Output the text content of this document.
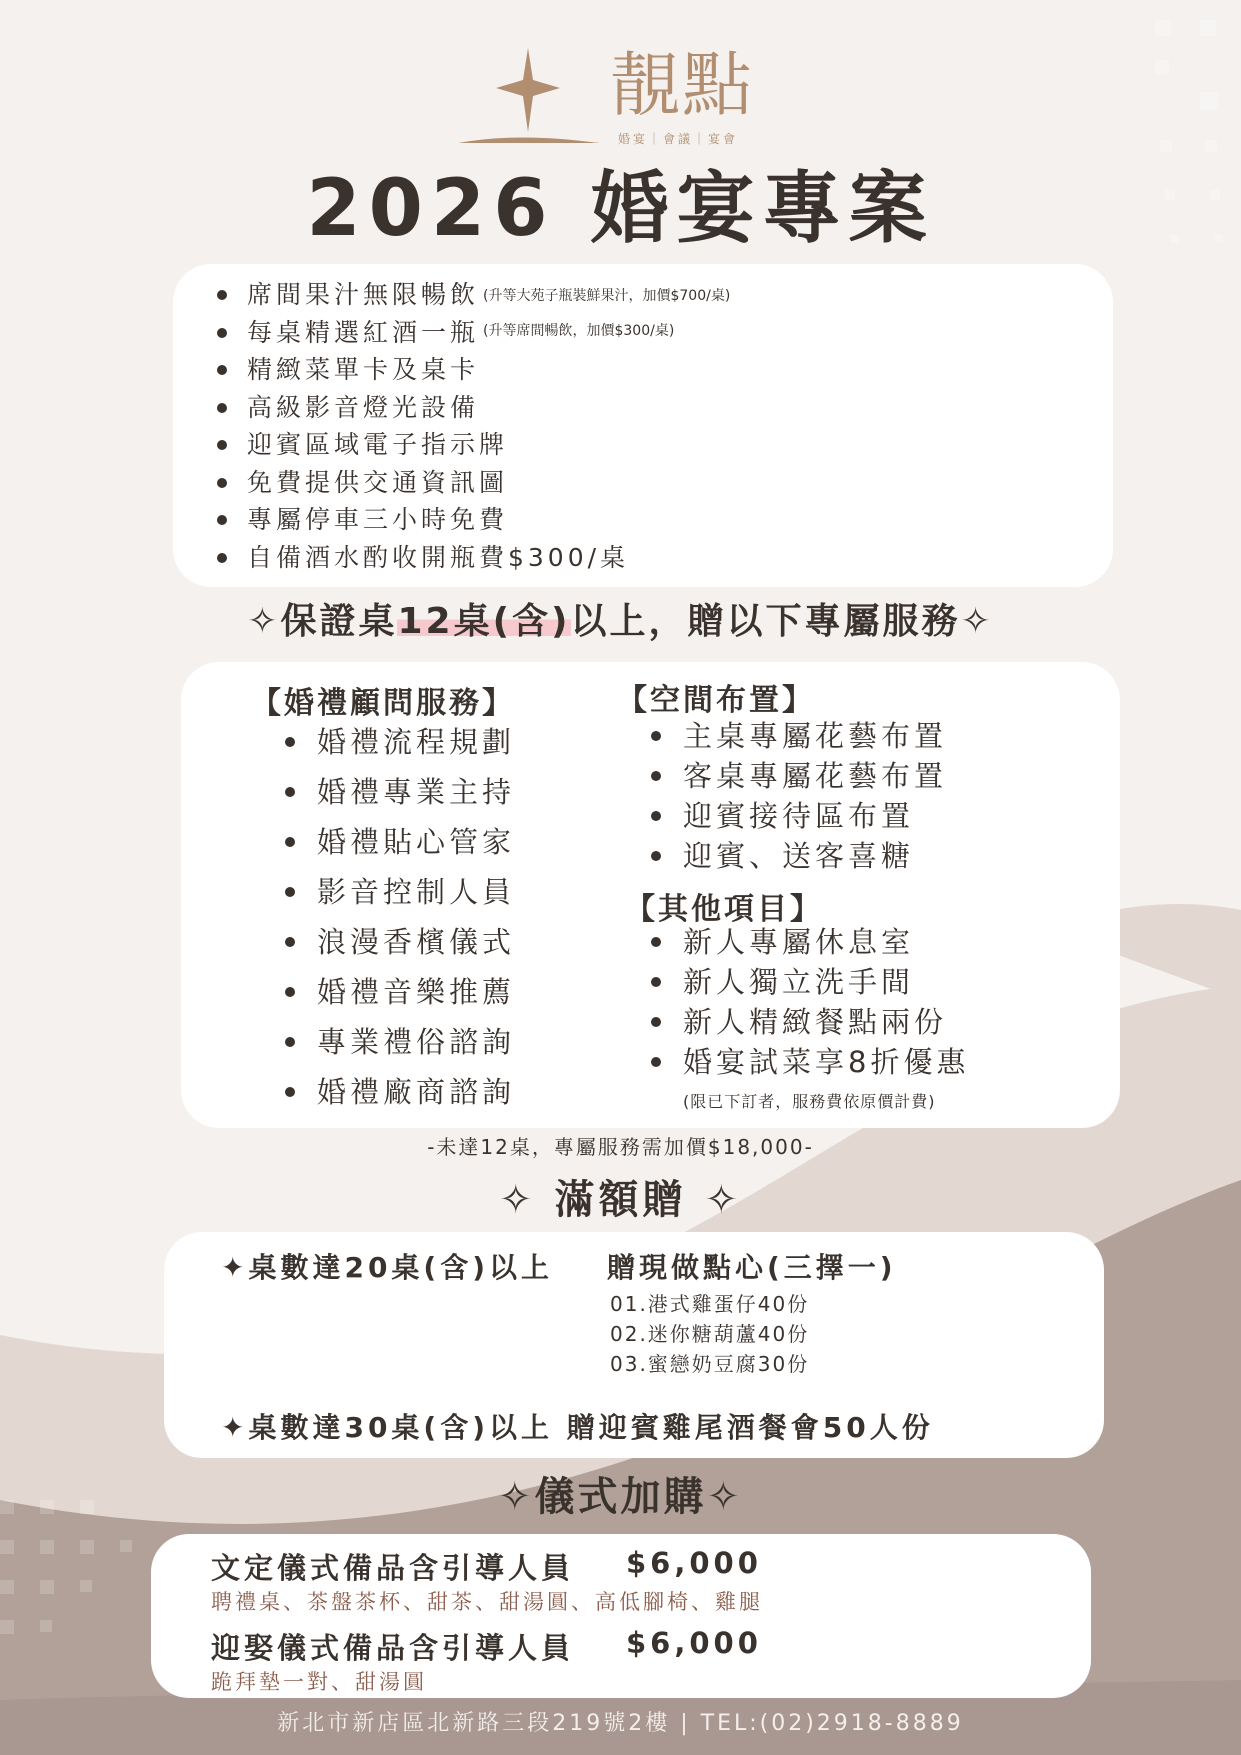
靚點
婚宴｜會議｜宴會
2026 婚宴專案
席間果汁無限暢飲 (升等大苑子瓶裝鮮果汁，加價$700/桌)
每桌精選紅酒一瓶 $^{(升等席間暢飲,加價\$300/桌)}$
精緻菜單卡及桌卡
高級影音燈光設備
迎賓區域電子指示牌
免費提供交通資訊圖
專屬停車三小時免費
自備酒水酌收開瓶費$300/桌
✧保證桌12桌(含)以上，贈以下專屬服務✧
【婚禮顧問服務】
婚禮流程規劃
婚禮專業主持
婚禮貼心管家
影音控制人員
浪漫香檳儀式
婚禮音樂推薦
專業禮俗諮詢
婚禮廠商諮詢
【空間布置】
主桌專屬花藝布置
客桌專屬花藝布置
迎賓接待區布置
迎賓、送客喜糖
【其他項目】
新人專屬休息室
新人獨立洗手間
新人精緻餐點兩份
婚宴試菜享8折優惠
(限已下訂者，服務費依原價計費)
-未達12桌，專屬服務需加價$18,000-
✧ 滿額贈 ✧
✦桌數達20桌(含)以上 贈現做點心(三擇一)
01.港式雞蛋仔40份
02.迷你糖葫蘆40份
03.蜜戀奶豆腐30份
✦桌數達30桌(含)以上 贈迎賓雞尾酒餐會50人份
✧儀式加購✧
文定儀式備品含引導人員 $6,000
聘禮桌、茶盤茶杯、甜茶、甜湯圓、高低腳椅、雞腿
迎娶儀式備品含引導人員 $6,000
跪拜墊一對、甜湯圓
新北市新店區北新路三段219號2樓 | TEL:(02)2918-8889
